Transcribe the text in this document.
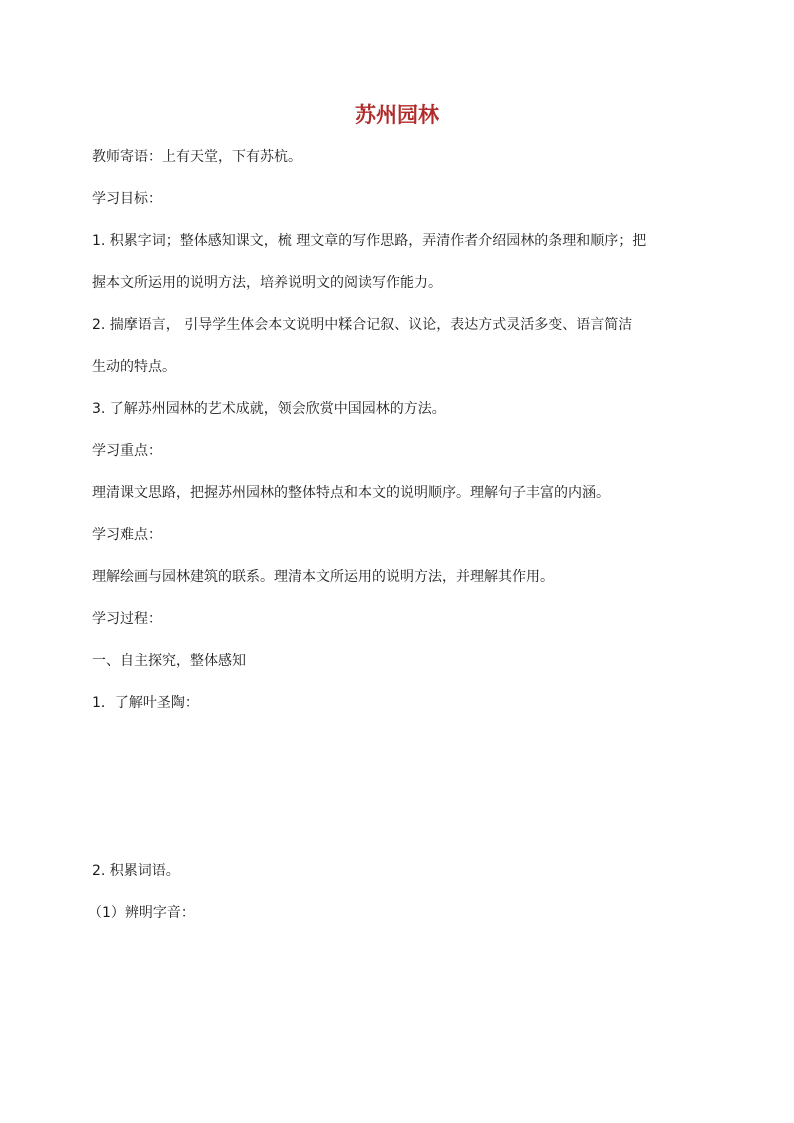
苏州园林
教师寄语：上有天堂，下有苏杭。
学习目标：
1. 积累字词；整体感知课文，梳 理文章的写作思路，弄清作者介绍园林的条理和顺序；把
握本文所运用的说明方法，培养说明文的阅读写作能力。
2. 揣摩语言， 引导学生体会本文说明中糅合记叙、议论，表达方式灵活多变、语言简洁
生动的特点。
3. 了解苏州园林的艺术成就，领会欣赏中国园林的方法。
学习重点：
理清课文思路，把握苏州园林的整体特点和本文的说明顺序。理解句子丰富的内涵。
学习难点：
理解绘画与园林建筑的联系。理清本文所运用的说明方法，并理解其作用。
学习过程：
一、自主探究，整体感知
1．了解叶圣陶：
2. 积累词语。
（1）辨明字音：
